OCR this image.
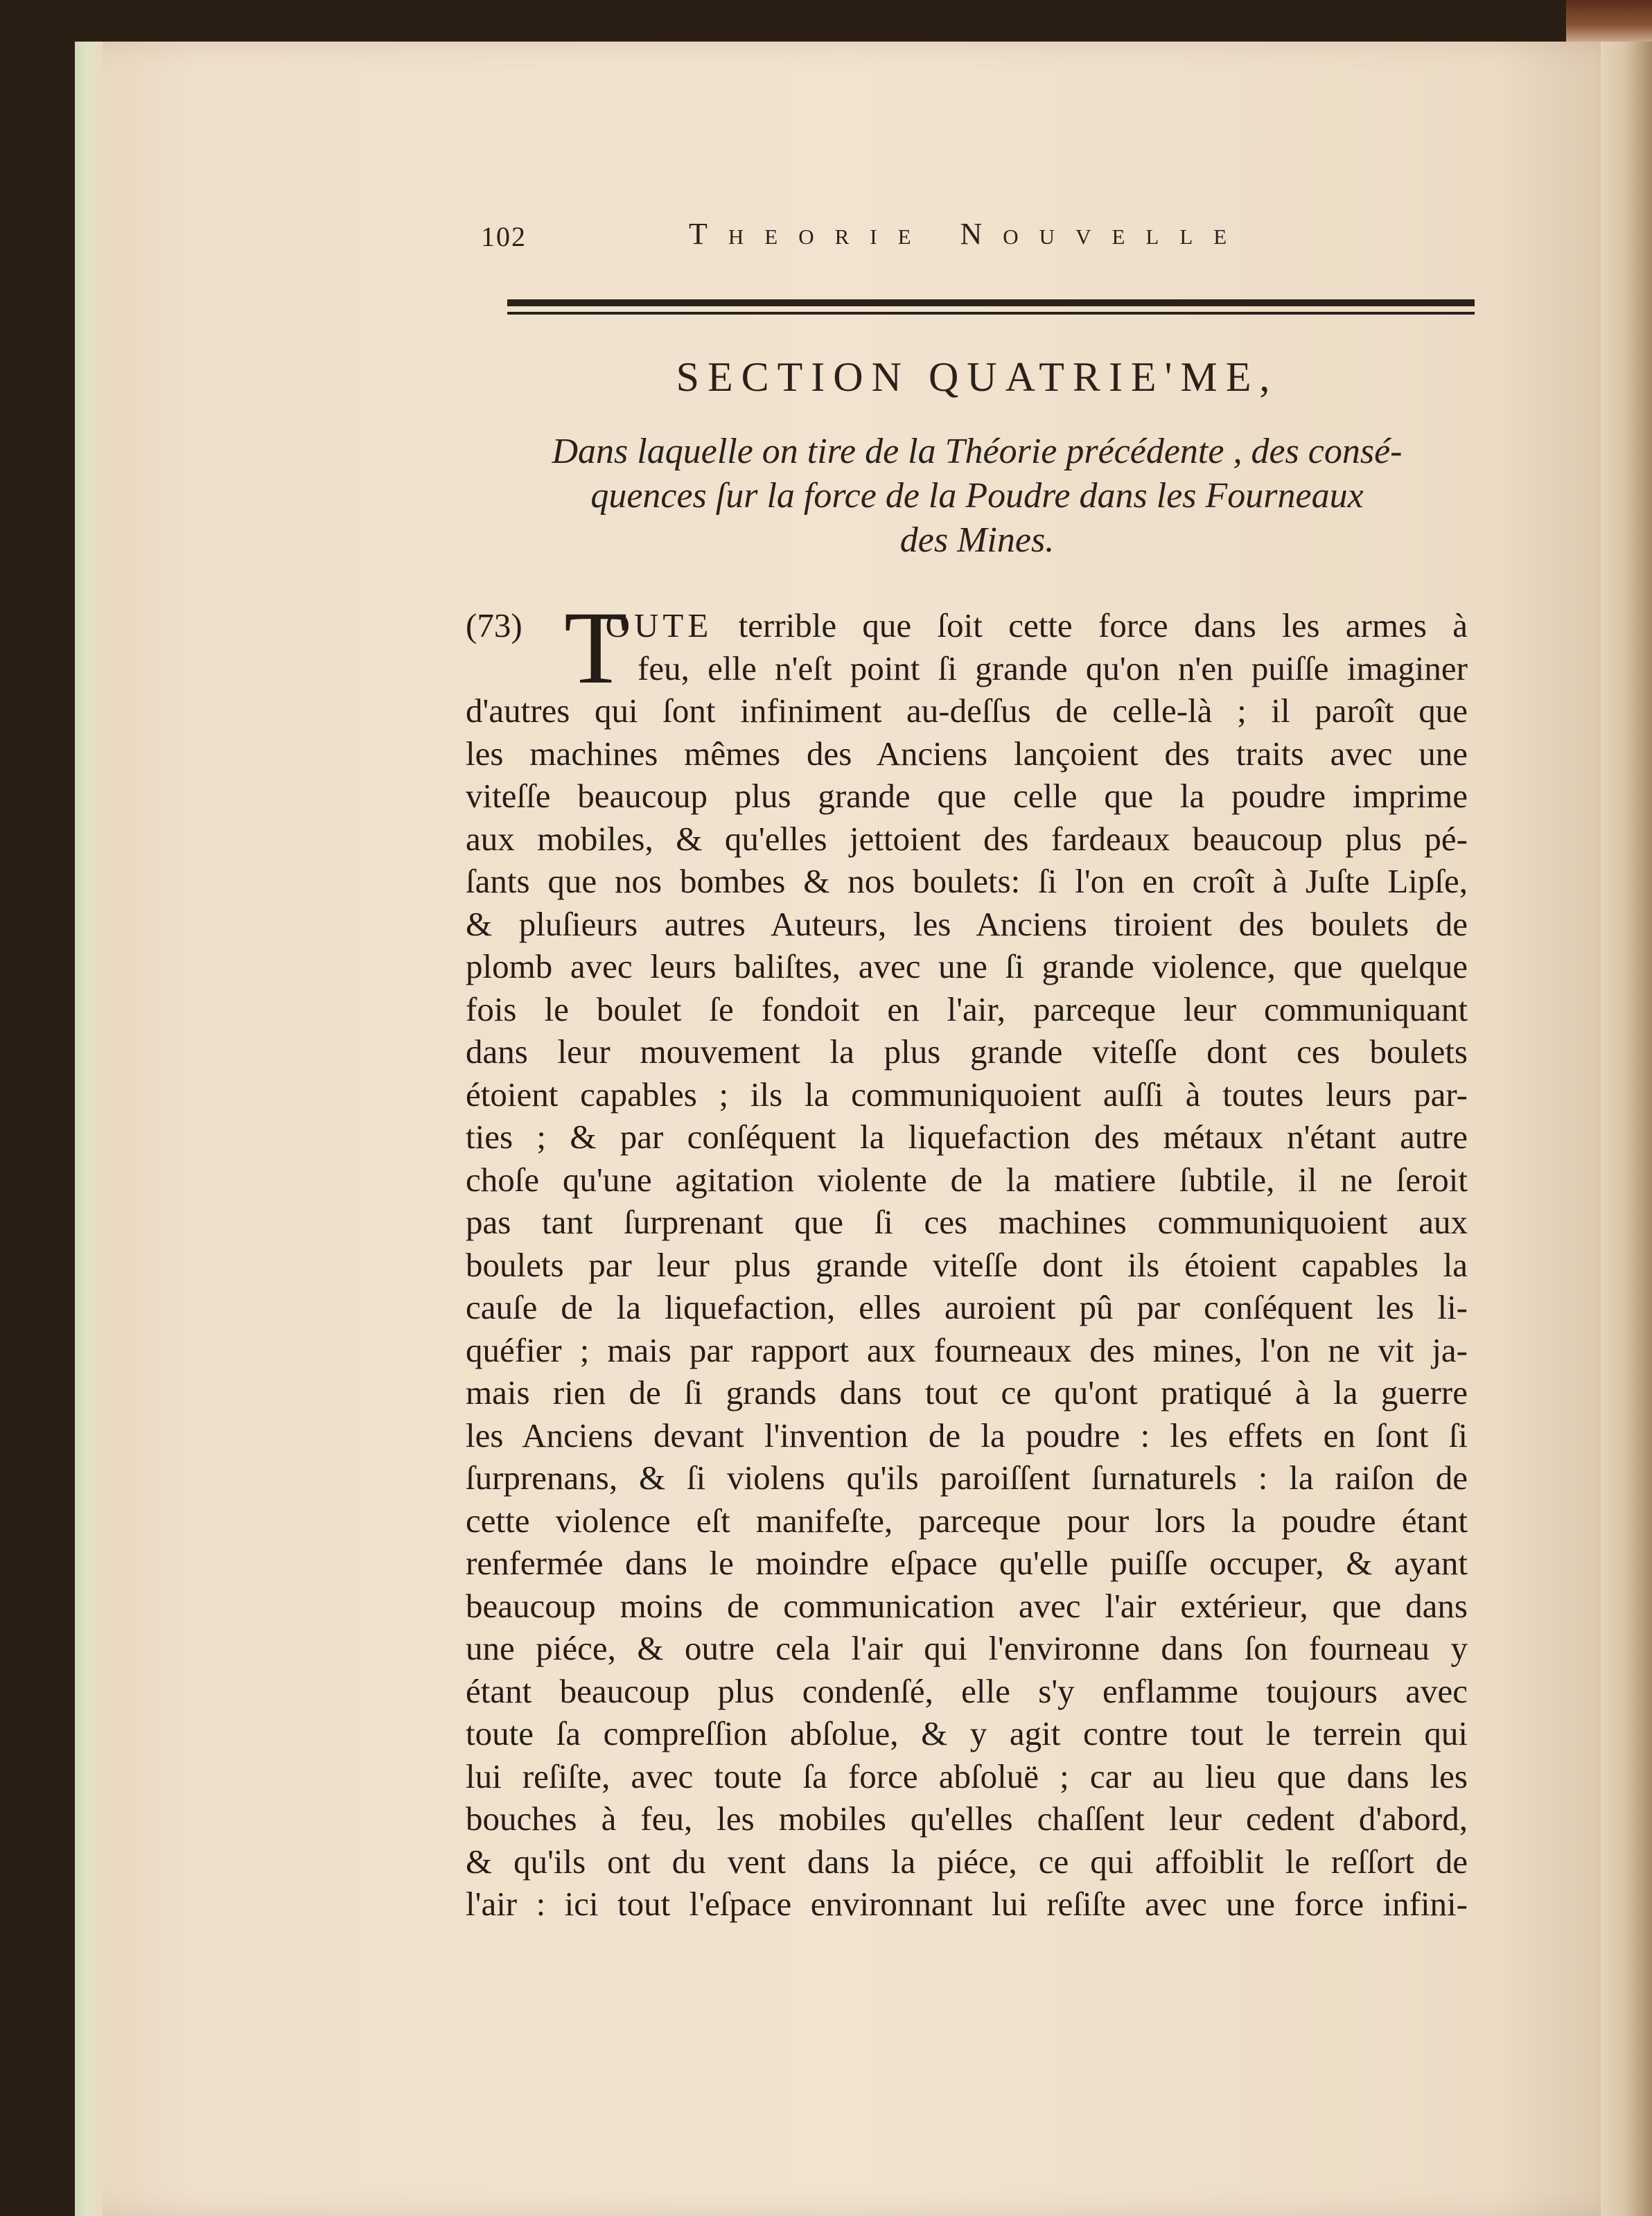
102	Theorie Nouvelle
SECTION QUATRIE'ME,

Dans laquelle on tire de la Théorie précédente , des consé-

quences ſur la force de la Poudre dans les Fourneaux

des Mines.

T
(73) OUTE terrible que ſoit cette force dans les armes à
feu, elle n'eſt point ſi grande qu'on n'en puiſſe imaginer
d'autres qui ſont infiniment au-deſſus de celle-là ; il paroît que
les machines mêmes des Anciens lançoient des traits avec une
viteſſe beaucoup plus grande que celle que la poudre imprime
aux mobiles, & qu'elles jettoient des fardeaux beaucoup plus pé-
ſants que nos bombes & nos boulets: ſi l'on en croît à Juſte Lipſe,
& pluſieurs autres Auteurs, les Anciens tiroient des boulets de
plomb avec leurs baliſtes, avec une ſi grande violence, que quelque
fois le boulet ſe fondoit en l'air, parceque leur communiquant
dans leur mouvement la plus grande viteſſe dont ces boulets
étoient capables ; ils la communiquoient auſſi à toutes leurs par-
ties ; & par conſéquent la liquefaction des métaux n'étant autre
choſe qu'une agitation violente de la matiere ſubtile, il ne ſeroit
pas tant ſurprenant que ſi ces machines communiquoient aux
boulets par leur plus grande viteſſe dont ils étoient capables la
cauſe de la liquefaction, elles auroient pû par conſéquent les li-
quéfier ; mais par rapport aux fourneaux des mines, l'on ne vit ja-
mais rien de ſi grands dans tout ce qu'ont pratiqué à la guerre
les Anciens devant l'invention de la poudre : les effets en ſont ſi
ſurprenans, & ſi violens qu'ils paroiſſent ſurnaturels : la raiſon de
cette violence eſt manifeſte, parceque pour lors la poudre étant
renfermée dans le moindre eſpace qu'elle puiſſe occuper, & ayant
beaucoup moins de communication avec l'air extérieur, que dans
une piéce, & outre cela l'air qui l'environne dans ſon fourneau y
étant beaucoup plus condenſé, elle s'y enflamme toujours avec
toute ſa compreſſion abſolue, & y agit contre tout le terrein qui
lui reſiſte, avec toute ſa force abſoluë ; car au lieu que dans les
bouches à feu, les mobiles qu'elles chaſſent leur cedent d'abord,
& qu'ils ont du vent dans la piéce, ce qui affoiblit le reſſort de
l'air : ici tout l'eſpace environnant lui reſiſte avec une force infini-
